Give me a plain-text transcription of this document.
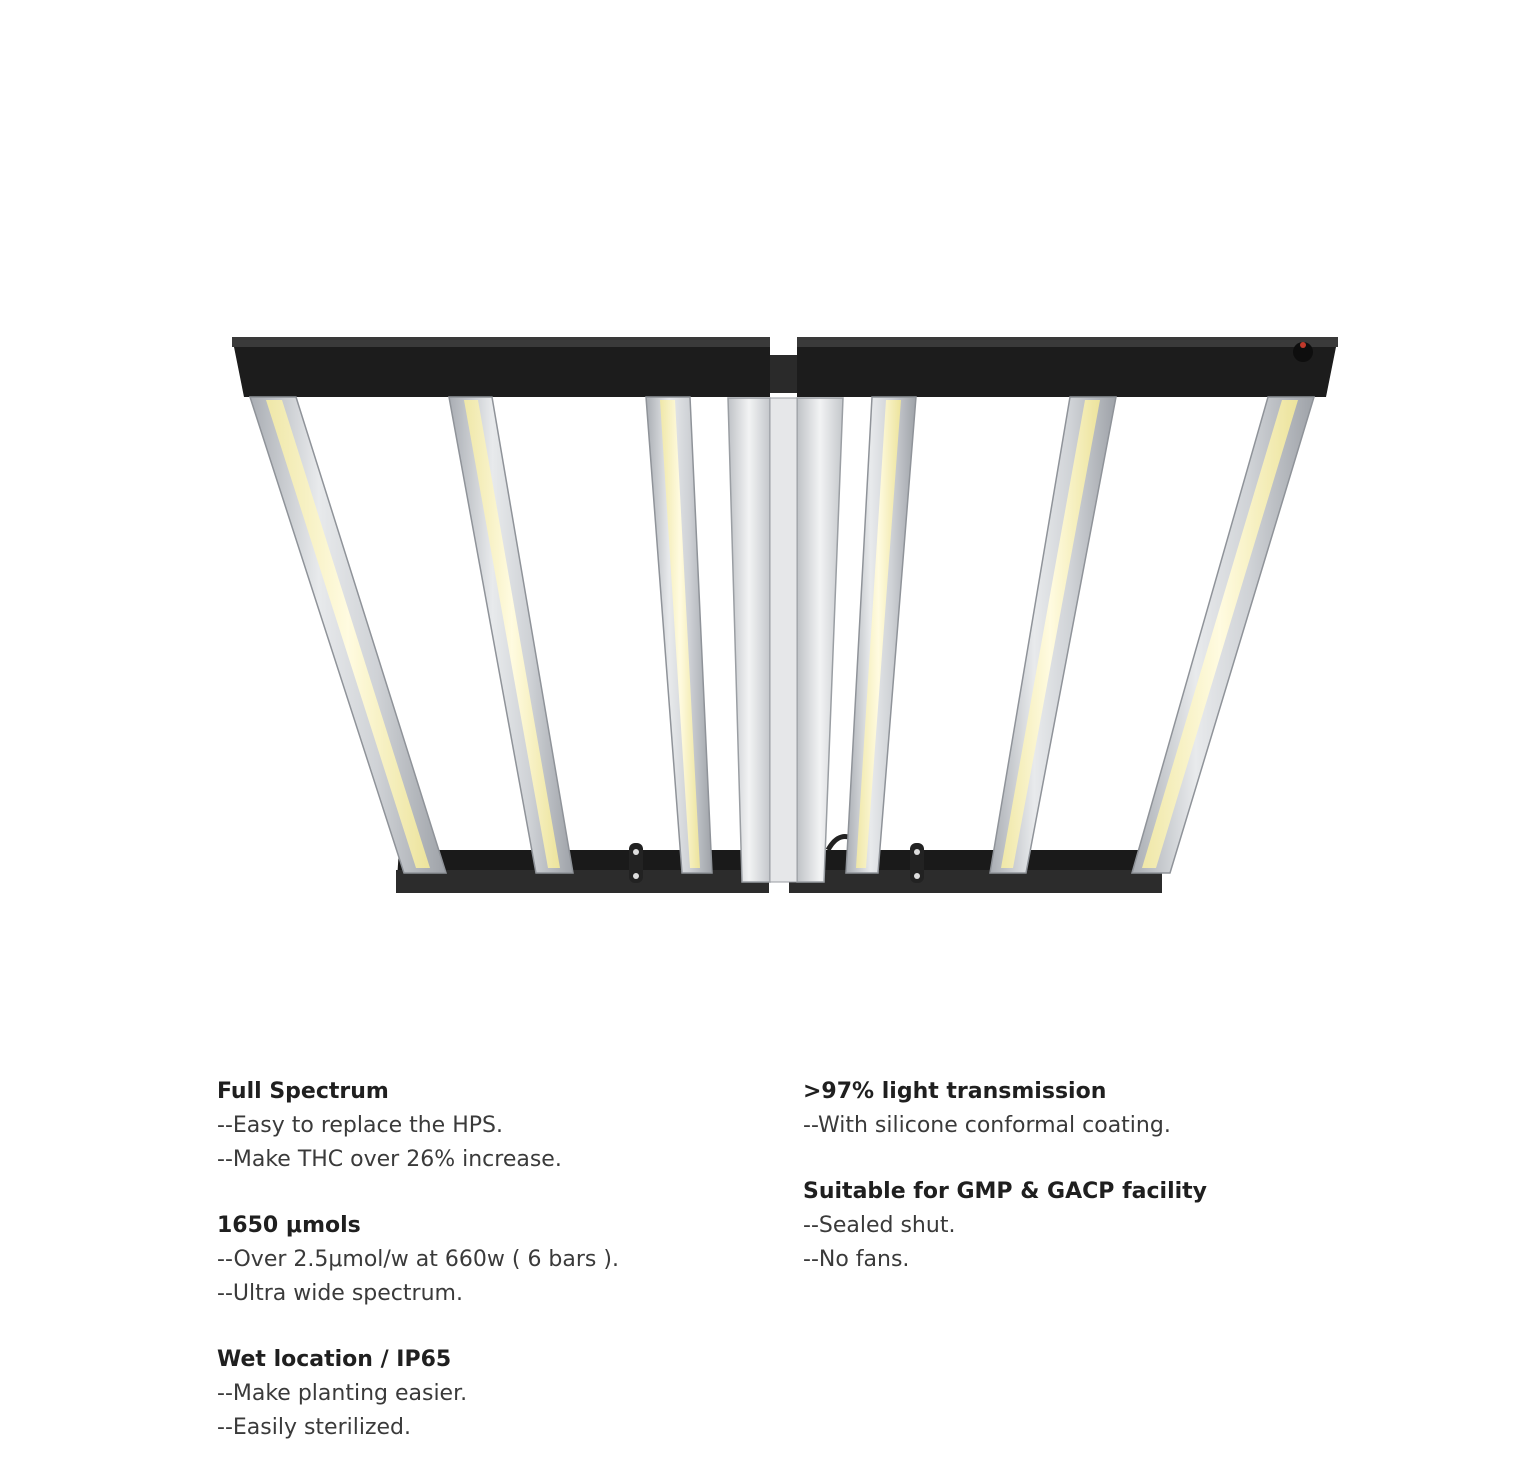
Full Spectrum

--Easy to replace the HPS.

--Make THC over 26% increase.

1650 μmols

--Over 2.5μmol/w at 660w ( 6 bars ).

--Ultra wide spectrum.

Wet location / IP65

--Make planting easier.

--Easily sterilized.

>97% light transmission

--With silicone conformal coating.

Suitable for GMP & GACP facility

--Sealed shut.

--No fans.
